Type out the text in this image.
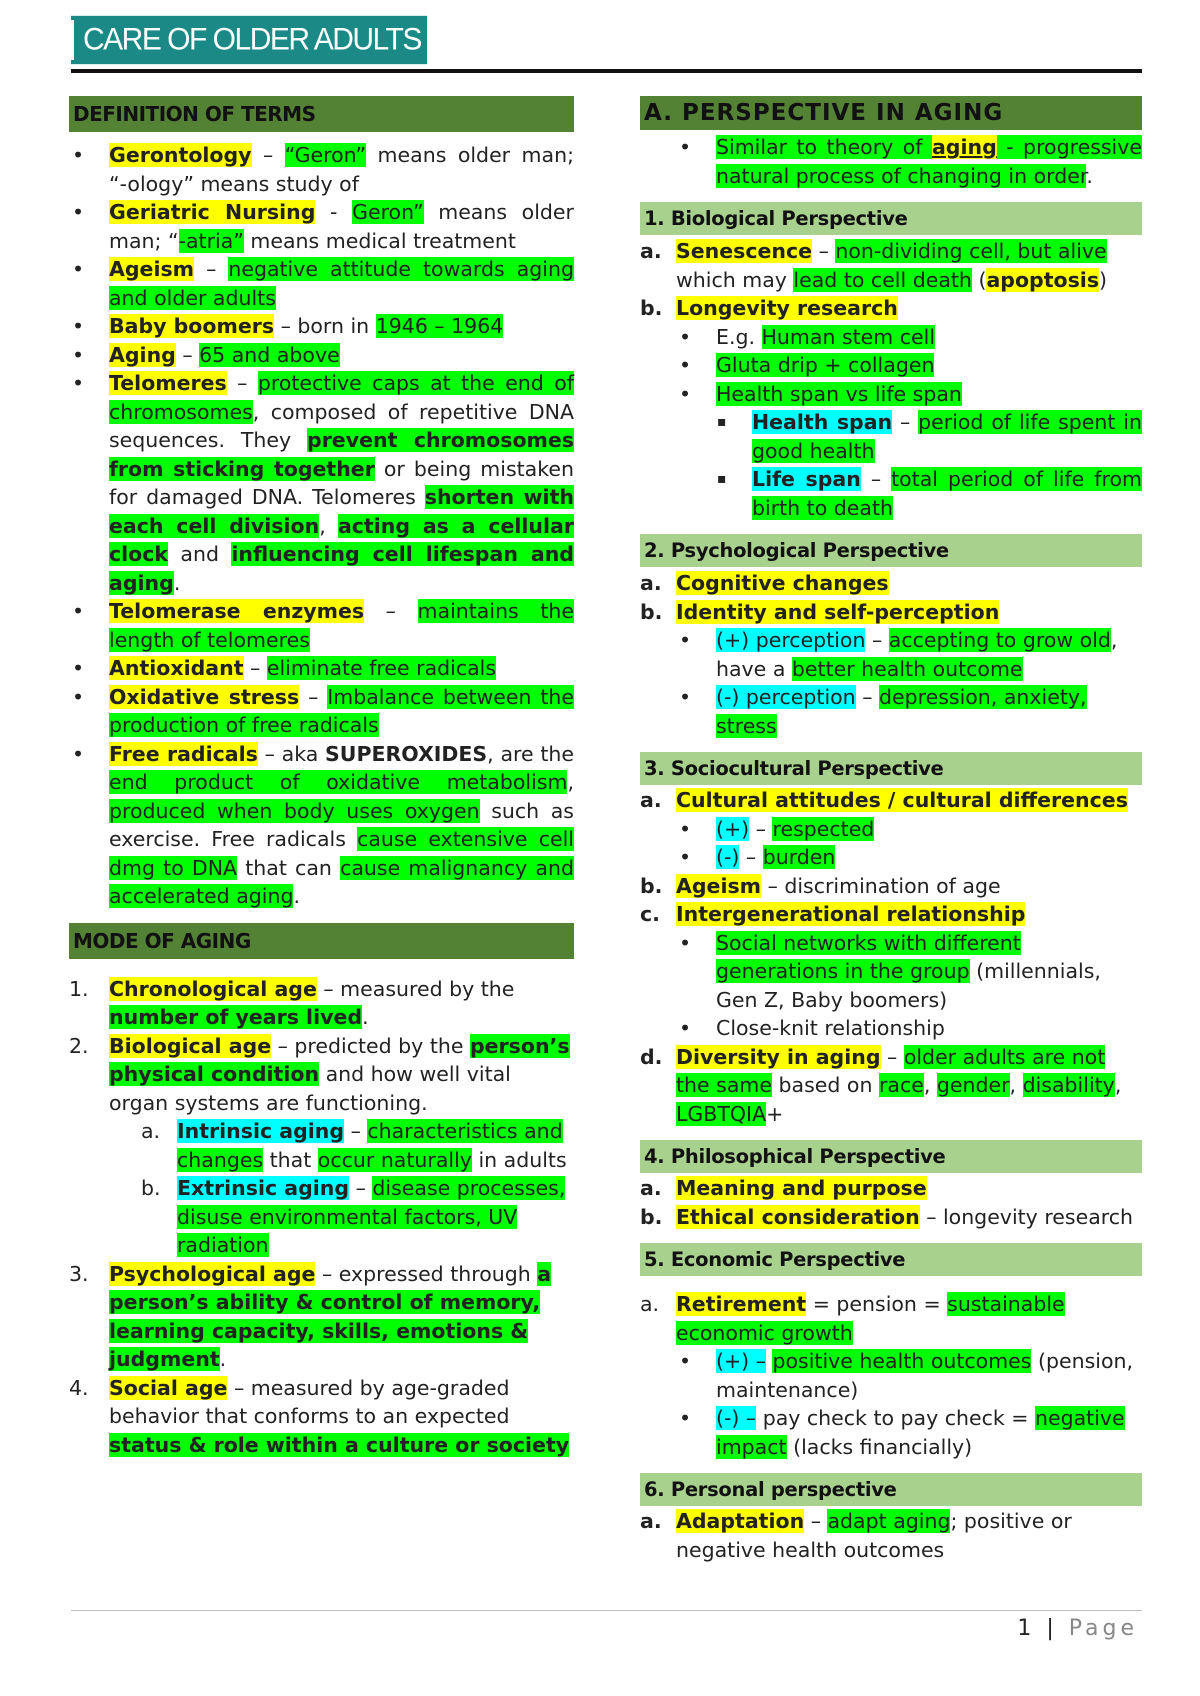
CARE OF OLDER ADULTS
DEFINITION OF TERMS
• Gerontology – “Geron” means older man; “-ology” means study of
• Geriatric Nursing - Geron” means older man; “-atria” means medical treatment
• Ageism – negative attitude towards aging and older adults
• Baby boomers – born in 1946 – 1964
• Aging – 65 and above
• Telomeres – protective caps at the end of chromosomes, composed of repetitive DNA sequences. They prevent chromosomes from sticking together or being mistaken for damaged DNA. Telomeres shorten with each cell division, acting as a cellular clock and influencing cell lifespan and aging.
• Telomerase enzymes – maintains the length of telomeres
• Antioxidant – eliminate free radicals
• Oxidative stress – Imbalance between the production of free radicals
• Free radicals – aka SUPEROXIDES, are the end product of oxidative metabolism, produced when body uses oxygen such as exercise. Free radicals cause extensive cell dmg to DNA that can cause malignancy and accelerated aging.
MODE OF AGING
1. Chronological age – measured by the number of years lived.
2. Biological age – predicted by the person’s physical condition and how well vital organ systems are functioning.
a. Intrinsic aging – characteristics and changes that occur naturally in adults
b. Extrinsic aging – disease processes, disuse environmental factors, UV radiation
3. Psychological age – expressed through a person’s ability & control of memory, learning capacity, skills, emotions & judgment.
4. Social age – measured by age-graded behavior that conforms to an expected status & role within a culture or society
A. PERSPECTIVE IN AGING
• Similar to theory of aging - progressive natural process of changing in order.
1. Biological Perspective
a. Senescence – non-dividing cell, but alive which may lead to cell death (apoptosis)
b. Longevity research
• E.g. Human stem cell
• Gluta drip + collagen
• Health span vs life span
▪ Health span – period of life spent in good health
▪ Life span – total period of life from birth to death
2. Psychological Perspective
a. Cognitive changes
b. Identity and self-perception
• (+) perception – accepting to grow old, have a better health outcome
• (-) perception – depression, anxiety, stress
3. Sociocultural Perspective
a. Cultural attitudes / cultural differences
• (+) – respected
• (-) – burden
b. Ageism – discrimination of age
c. Intergenerational relationship
• Social networks with different generations in the group (millennials, Gen Z, Baby boomers)
• Close-knit relationship
d. Diversity in aging – older adults are not the same based on race, gender, disability, LGBTQIA+
4. Philosophical Perspective
a. Meaning and purpose
b. Ethical consideration – longevity research
5. Economic Perspective
a. Retirement = pension = sustainable economic growth
• (+) – positive health outcomes (pension, maintenance)
• (-) – pay check to pay check = negative impact (lacks financially)
6. Personal perspective
a. Adaptation – adapt aging; positive or negative health outcomes
1 | Page
